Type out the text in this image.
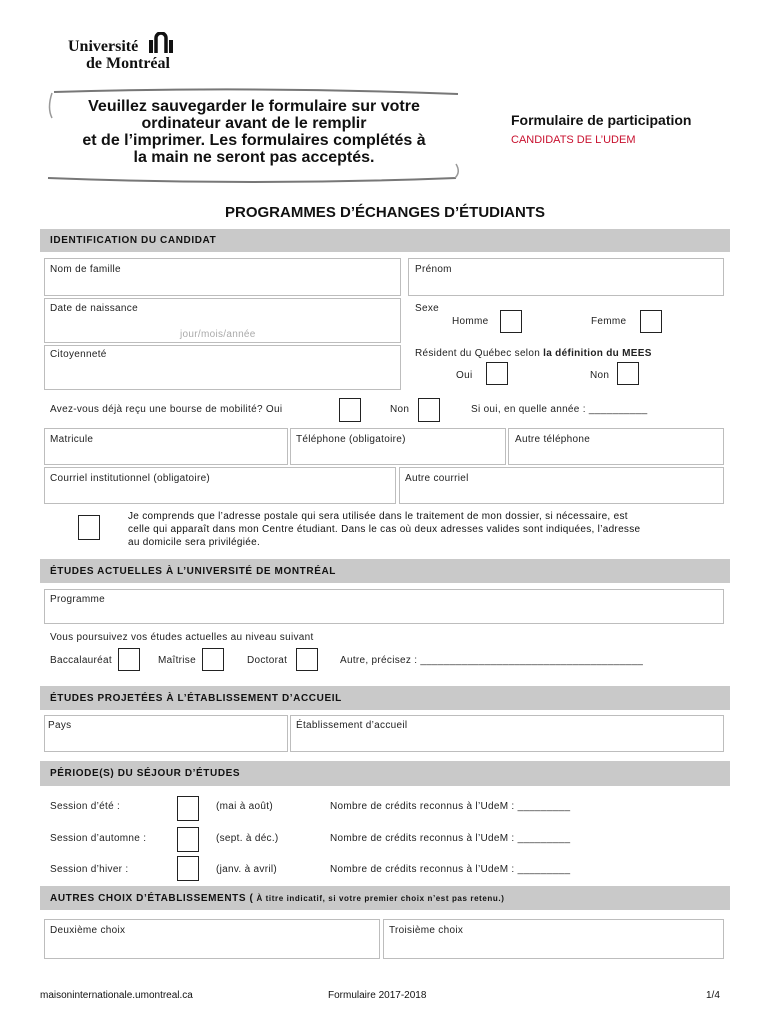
Université
de Montréal
Veuillez sauvegarder le formulaire sur votre
ordinateur avant de le remplir
et de l’imprimer. Les formulaires complétés à
la main ne seront pas acceptés.
Formulaire de participation
CANDIDATS DE L’UDEM
PROGRAMMES D’ÉCHANGES D’ÉTUDIANTS
IDENTIFICATION DU CANDIDAT
Nom de famille	Prénom
Date de naissance
jour/mois/année
Sexe
Homme	Femme
Citoyenneté	Résident du Québec selon la définition du MEES
Oui	Non
Avez-vous déjà reçu une bourse de mobilité? Oui	Non	Si oui, en quelle année : __________
Matricule	Téléphone (obligatoire)	Autre téléphone
Courriel institutionnel (obligatoire)	Autre courriel
Je comprends que l’adresse postale qui sera utilisée dans le traitement de mon dossier, si nécessaire, est
celle qui apparaît dans mon Centre étudiant. Dans le cas où deux adresses valides sont indiquées, l’adresse
au domicile sera privilégiée.
ÉTUDES ACTUELLES À L’UNIVERSITÉ DE MONTRÉAL
Programme
Vous poursuivez vos études actuelles au niveau suivant
Baccalauréat	Maîtrise	Doctorat	Autre, précisez : ______________________________________
ÉTUDES PROJETÉES À L’ÉTABLISSEMENT D’ACCUEIL
Pays	Établissement d’accueil
PÉRIODE(S) DU SÉJOUR D’ÉTUDES
Session d’été :	(mai à août)	Nombre de crédits reconnus à l’UdeM : _________
Session d’automne :	(sept. à déc.)	Nombre de crédits reconnus à l’UdeM : _________
Session d’hiver :	(janv. à avril)	Nombre de crédits reconnus à l’UdeM : _________
AUTRES CHOIX D’ÉTABLISSEMENTS ( À titre indicatif, si votre premier choix n’est pas retenu.)
Deuxième choix	Troisième choix
maisoninternationale.umontreal.ca	Formulaire 2017-2018	1/4
